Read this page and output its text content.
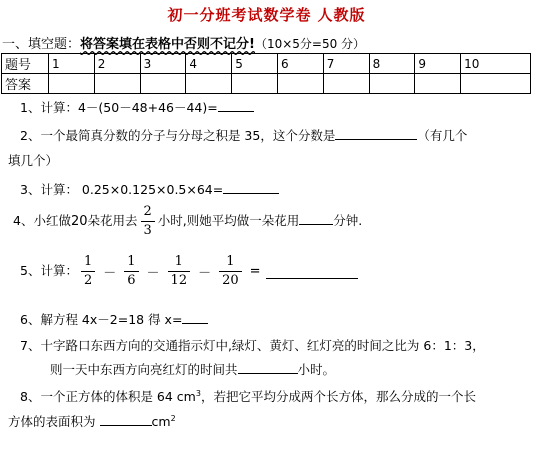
初一分班考试数学卷 人教版
一、填空题：将答案填在表格中否则不记分!（10×5分=50 分）
题号	1	2	3	4	5	6	7	8	9	10
答案										
1、计算：4－(50－48+46－44)=
2、一个最简真分数的分子与分母之积是 35，这个分数是	（有几个
填几个）
3、计算： 0.25×0.125×0.5×64=
4、小红做20朵花用去 $\frac{2}{3}$ 小时,则她平均做一朵花用	分钟.
5、计算： $\frac{1}{2} - \frac{1}{6} - \frac{1}{12} - \frac{1}{20}$ =
6、解方程 4x－2=18 得 x=
7、十字路口东西方向的交通指示灯中,绿灯、黄灯、红灯亮的时间之比为 6：1：3，
则一天中东西方向亮红灯的时间共	小时。
8、一个正方体的体积是 64 $cm^3$，若把它平均分成两个长方体，那么分成的一个长
方体的表面积为	$cm^2$
